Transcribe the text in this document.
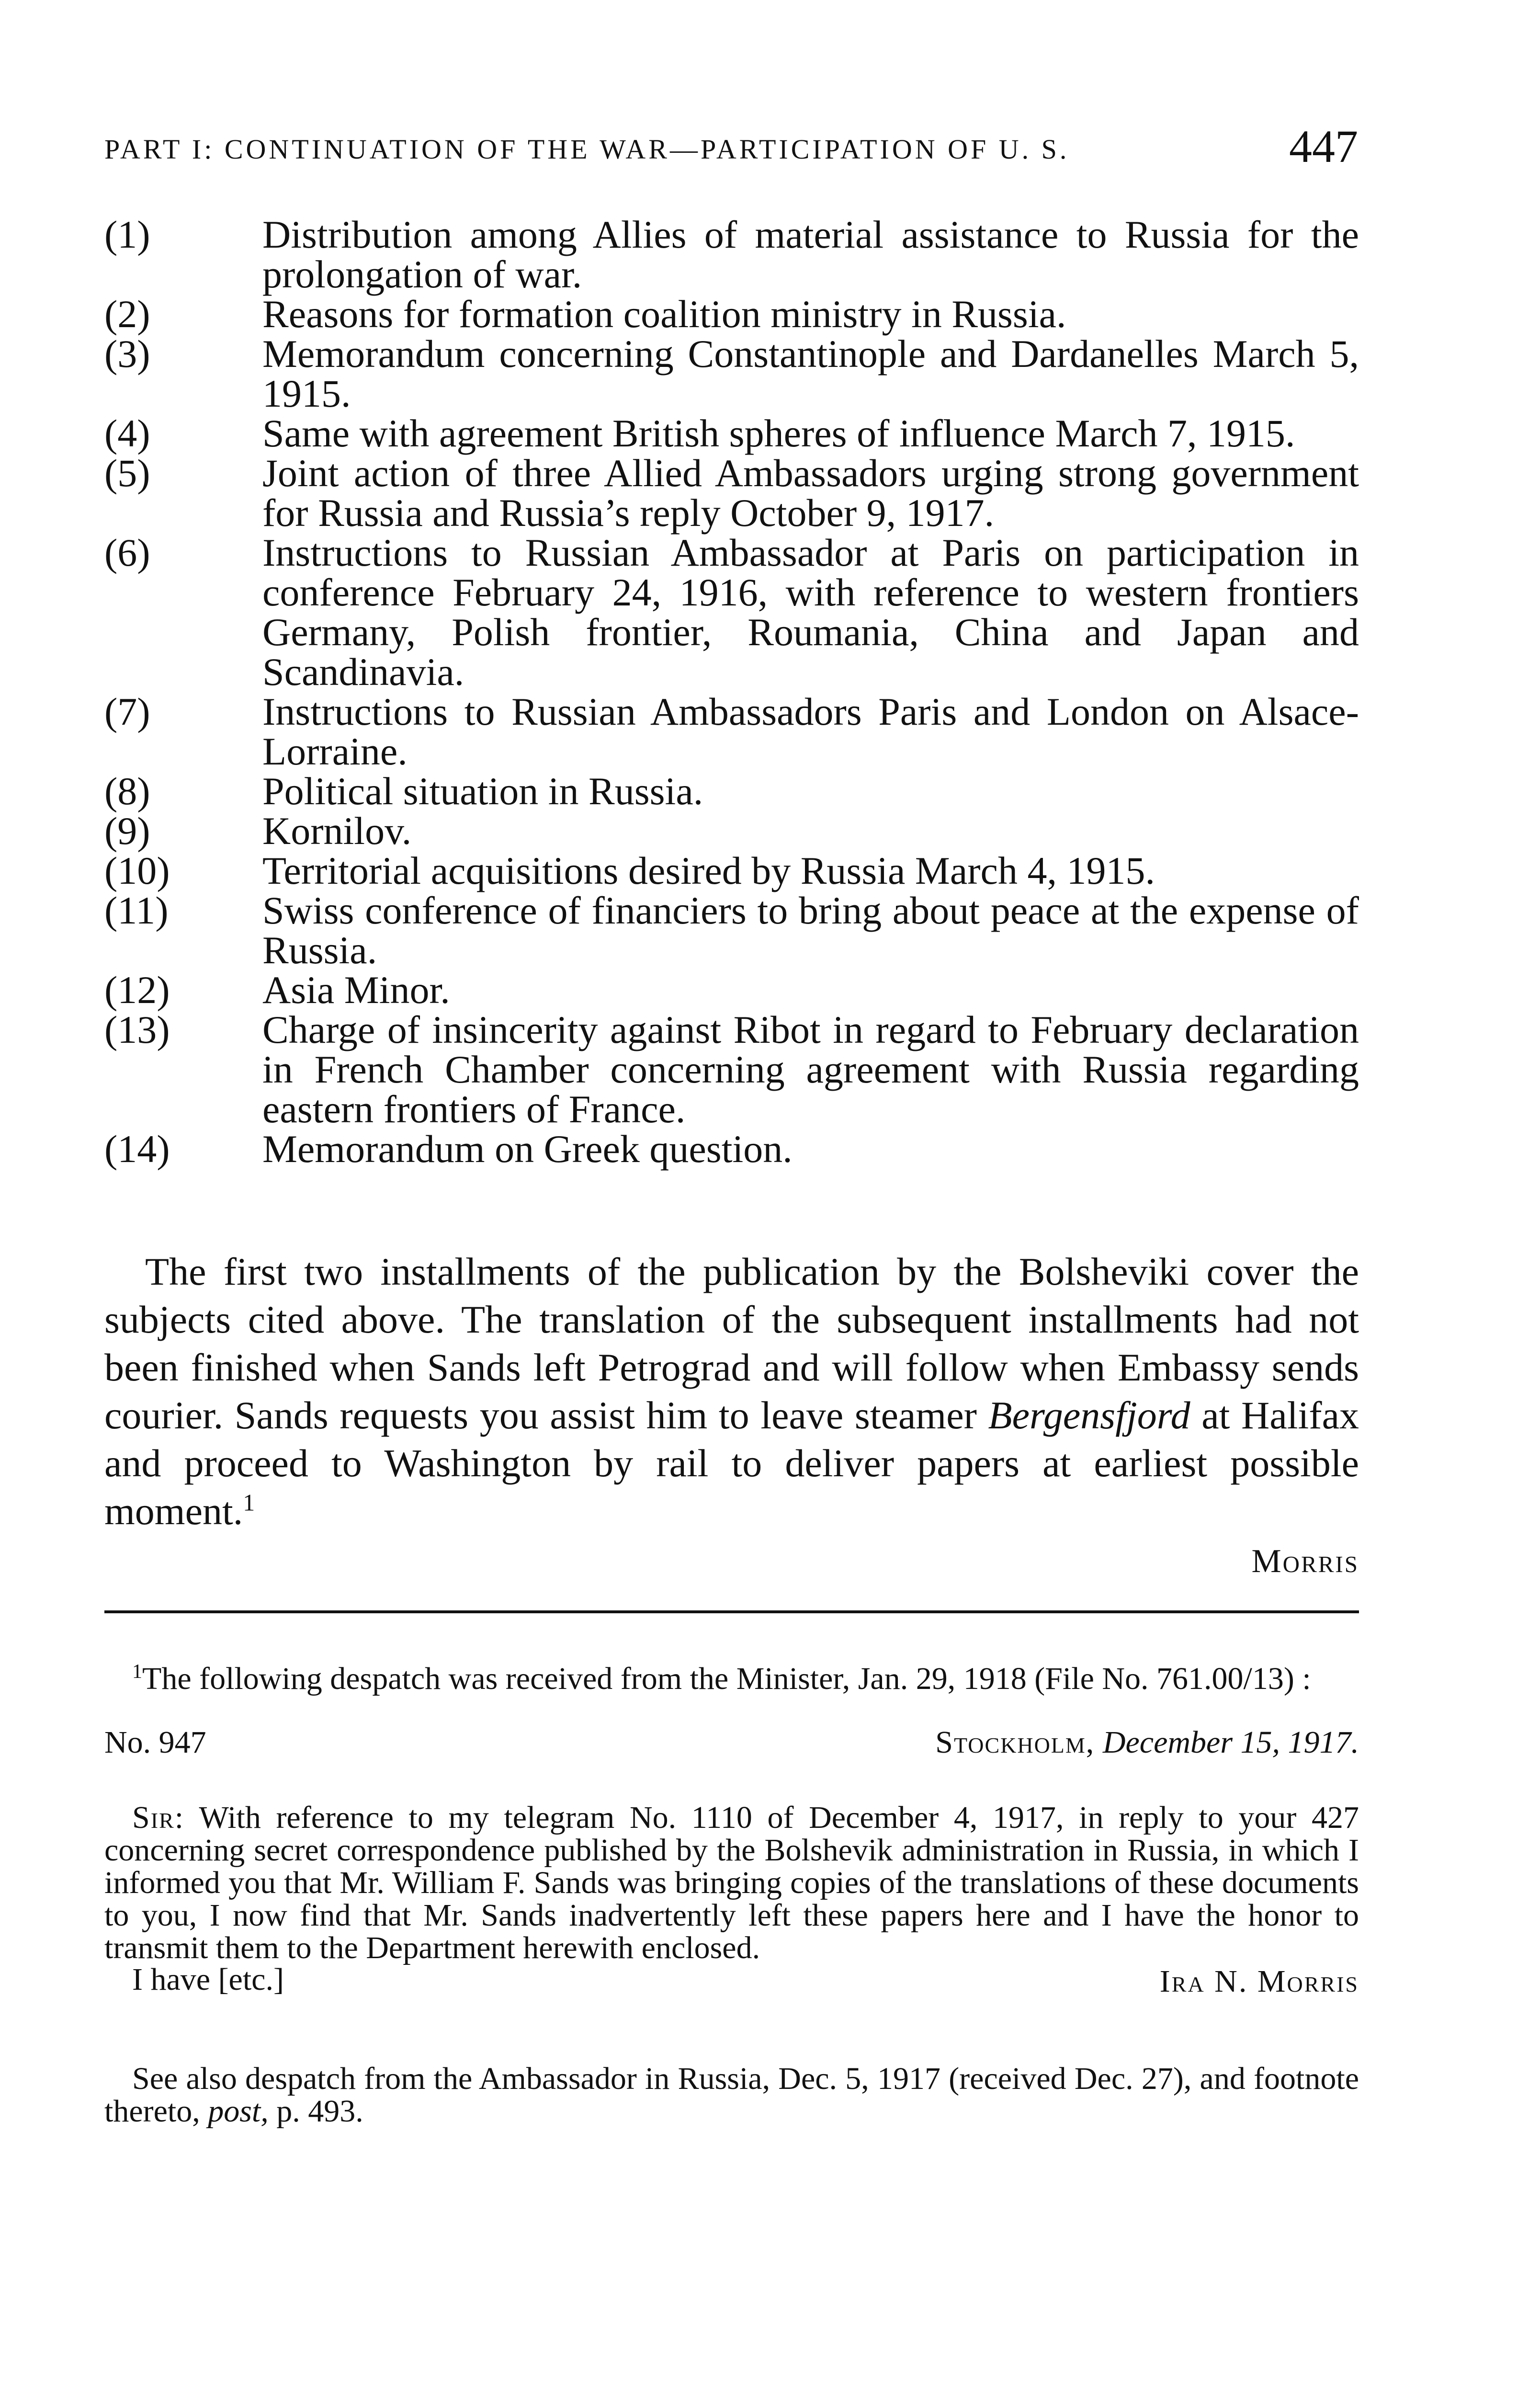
PART I: CONTINUATION OF THE WAR—PARTICIPATION OF U. S.	447
(1)	Distribution among Allies of material assistance to Russia for the prolongation of war.
(2)	Reasons for formation coalition ministry in Russia.
(3)	Memorandum concerning Constantinople and Dardanelles March 5, 1915.
(4)	Same with agreement British spheres of influence March 7, 1915.
(5)	Joint action of three Allied Ambassadors urging strong government for Russia and Russia’s reply October 9, 1917.
(6)	Instructions to Russian Ambassador at Paris on participation in conference February 24, 1916, with reference to western frontiers Germany, Polish frontier, Roumania, China and Japan and Scandinavia.
(7)	Instructions to Russian Ambassadors Paris and London on Alsace-Lorraine.
(8)	Political situation in Russia.
(9)	Kornilov.
(10)	Territorial acquisitions desired by Russia March 4, 1915.
(11)	Swiss conference of financiers to bring about peace at the expense of Russia.
(12)	Asia Minor.
(13)	Charge of insincerity against Ribot in regard to February declaration in French Chamber concerning agreement with Russia regarding eastern frontiers of France.
(14)	Memorandum on Greek question.

The first two installments of the publication by the Bolsheviki cover the subjects cited above. The translation of the subsequent installments had not been finished when Sands left Petrograd and will follow when Embassy sends courier. Sands requests you assist him to leave steamer Bergensfjord at Halifax and proceed to Washington by rail to deliver papers at earliest possible moment.$^1$

Morris

$^1$The following despatch was received from the Minister, Jan. 29, 1918 (File No. 761.00/13) :

No. 947	Stockholm, December 15, 1917.

Sir: With reference to my telegram No. 1110 of December 4, 1917, in reply to your 427 concerning secret correspondence published by the Bolshevik administration in Russia, in which I informed you that Mr. William F. Sands was bringing copies of the translations of these documents to you, I now find that Mr. Sands inadvertently left these papers here and I have the honor to transmit them to the Department herewith enclosed.

I have [etc.]	Ira N. Morris

See also despatch from the Ambassador in Russia, Dec. 5, 1917 (received Dec. 27), and footnote thereto, post, p. 493.
